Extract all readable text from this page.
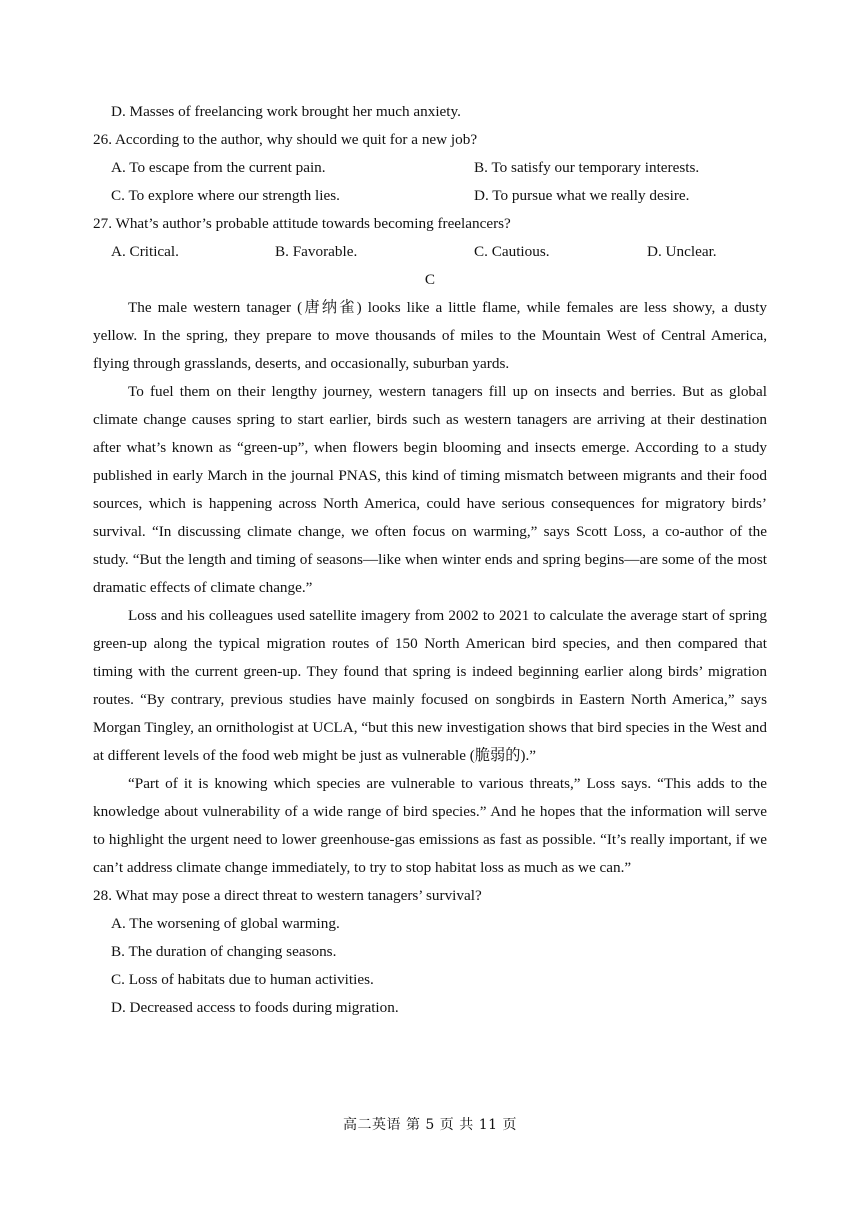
D. Masses of freelancing work brought her much anxiety.
26. According to the author, why should we quit for a new job?
A. To escape from the current pain.	B. To satisfy our temporary interests.
C. To explore where our strength lies.	D. To pursue what we really desire.
27. What’s author’s probable attitude towards becoming freelancers?
A. Critical.	B. Favorable.	C. Cautious.	D. Unclear.
C

The male western tanager (唐纳雀) looks like a little flame, while females are less showy, a dusty yellow. In the spring, they prepare to move thousands of miles to the Mountain West of Central America, flying through grasslands, deserts, and occasionally, suburban yards.

To fuel them on their lengthy journey, western tanagers fill up on insects and berries. But as global climate change causes spring to start earlier, birds such as western tanagers are arriving at their destination after what’s known as “green-up”, when flowers begin blooming and insects emerge. According to a study published in early March in the journal PNAS, this kind of timing mismatch between migrants and their food sources, which is happening across North America, could have serious consequences for migratory birds’ survival. “In discussing climate change, we often focus on warming,” says Scott Loss, a co-author of the study. “But the length and timing of seasons—like when winter ends and spring begins—are some of the most dramatic effects of climate change.”

Loss and his colleagues used satellite imagery from 2002 to 2021 to calculate the average start of spring green-up along the typical migration routes of 150 North American bird species, and then compared that timing with the current green-up. They found that spring is indeed beginning earlier along birds’ migration routes. “By contrary, previous studies have mainly focused on songbirds in Eastern North America,” says Morgan Tingley, an ornithologist at UCLA, “but this new investigation shows that bird species in the West and at different levels of the food web might be just as vulnerable (脆弱的).”

“Part of it is knowing which species are vulnerable to various threats,” Loss says. “This adds to the knowledge about vulnerability of a wide range of bird species.” And he hopes that the information will serve to highlight the urgent need to lower greenhouse-gas emissions as fast as possible. “It’s really important, if we can’t address climate change immediately, to try to stop habitat loss as much as we can.”

28. What may pose a direct threat to western tanagers’ survival?
A. The worsening of global warming.
B. The duration of changing seasons.
C. Loss of habitats due to human activities.
D. Decreased access to foods during migration.
高二英语 第 5 页 共 11 页
